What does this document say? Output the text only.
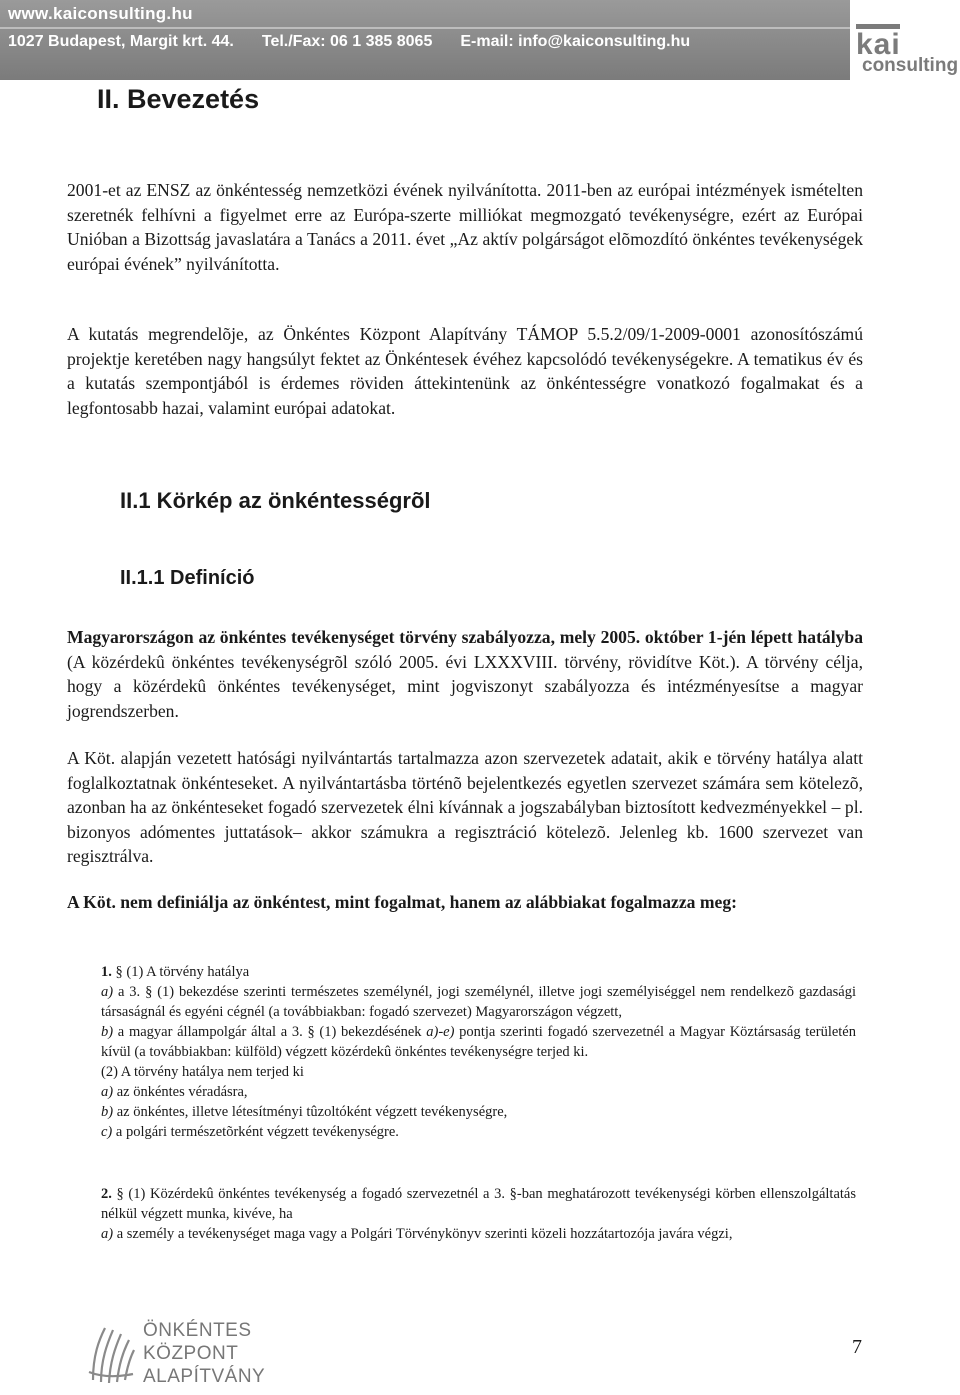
www.kaiconsulting.hu
1027 Budapest, Margit krt. 44. Tel./Fax: 06 1 385 8065 E-mail: info@kaiconsulting.hu	kai
consulting
II. Bevezetés

2001-et az ENSZ az önkéntesség nemzetközi évének nyilvánította. 2011-ben az európai intézmények ismételten szeretnék felhívni a figyelmet erre az Európa-szerte milliókat megmozgató tevékenységre, ezért az Európai Unióban a Bizottság javaslatára a Tanács a 2011. évet „Az aktív polgárságot elõmozdító önkéntes tevékenységek európai évének” nyilvánította.

A kutatás megrendelõje, az Önkéntes Központ Alapítvány TÁMOP 5.5.2/09/1-2009-0001 azonosítószámú projektje keretében nagy hangsúlyt fektet az Önkéntesek évéhez kapcsolódó tevékenységekre. A tematikus év és a kutatás szempontjából is érdemes röviden áttekintenünk az önkéntességre vonatkozó fogalmakat és a legfontosabb hazai, valamint európai adatokat.

II.1 Körkép az önkéntességrõl
II.1.1 Definíció

Magyarországon az önkéntes tevékenységet törvény szabályozza, mely 2005. október 1-jén lépett hatályba (A közérdekû önkéntes tevékenységrõl szóló 2005. évi LXXXVIII. törvény, rövidítve Köt.). A törvény célja, hogy a közérdekû önkéntes tevékenységet, mint jogviszonyt szabályozza és intézményesítse a magyar jogrendszerben.

A Köt. alapján vezetett hatósági nyilvántartás tartalmazza azon szervezetek adatait, akik e törvény hatálya alatt foglalkoztatnak önkénteseket. A nyilvántartásba történõ bejelentkezés egyetlen szervezet számára sem kötelezõ, azonban ha az önkénteseket fogadó szervezetek élni kívánnak a jogszabályban biztosított kedvezményekkel – pl. bizonyos adómentes juttatások– akkor számukra a regisztráció kötelezõ. Jelenleg kb. 1600 szervezet van regisztrálva.

A Köt. nem definiálja az önkéntest, mint fogalmat, hanem az alábbiakat fogalmazza meg:

1. § (1) A törvény hatálya

a) a 3. § (1) bekezdése szerinti természetes személynél, jogi személynél, illetve jogi személyiséggel nem rendelkezõ gazdasági társaságnál és egyéni cégnél (a továbbiakban: fogadó szervezet) Magyarországon végzett,

b) a magyar állampolgár által a 3. § (1) bekezdésének a)-e) pontja szerinti fogadó szervezetnél a Magyar Köztársaság területén kívül (a továbbiakban: külföld) végzett közérdekû önkéntes tevékenységre terjed ki.

(2) A törvény hatálya nem terjed ki

a) az önkéntes véradásra,

b) az önkéntes, illetve létesítményi tûzoltóként végzett tevékenységre,

c) a polgári természetõrként végzett tevékenységre.

2. § (1) Közérdekû önkéntes tevékenység a fogadó szervezetnél a 3. §-ban meghatározott tevékenységi körben ellenszolgáltatás nélkül végzett munka, kivéve, ha

a) a személy a tevékenységet maga vagy a Polgári Törvénykönyv szerinti közeli hozzátartozója javára végzi,

ÖNKÉNTES
KÖZPONT
ALAPÍTVÁNY
7
